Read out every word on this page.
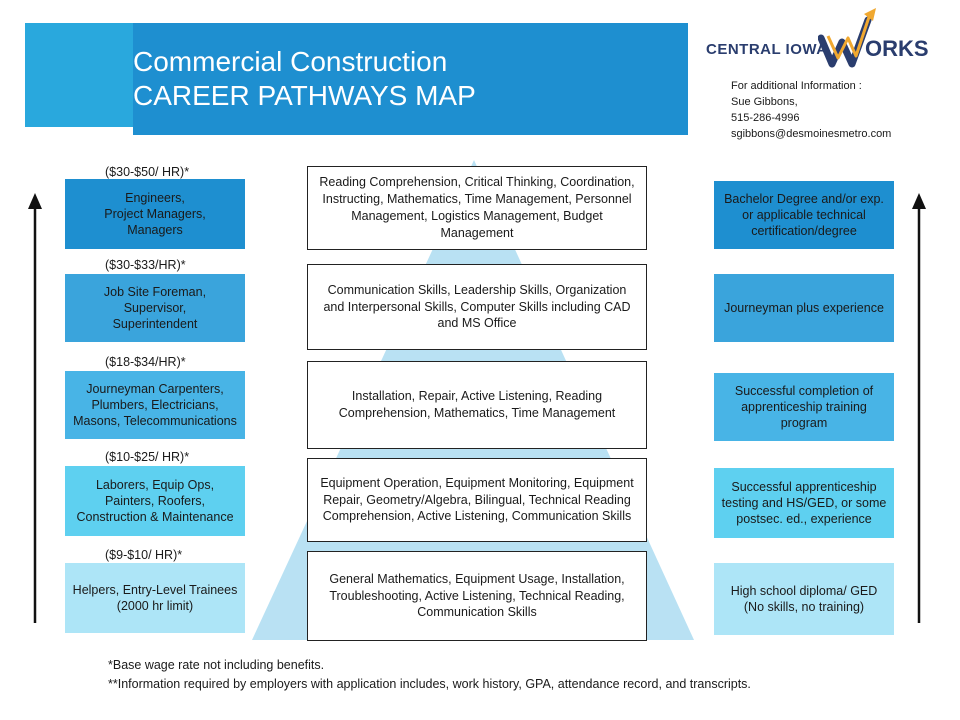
Commercial Construction
CAREER PATHWAYS MAP
CENTRAL IOWA ORKS
For additional Information :
Sue Gibbons,
515-286-4996
sgibbons@desmoinesmetro.com
($30-$50/ HR)*
Engineers,
Project Managers,
Managers
Reading Comprehension, Critical Thinking, Coordination, Instructing, Mathematics, Time Management, Personnel Management, Logistics Management, Budget Management
Bachelor Degree and/or exp. or applicable technical certification/degree
($30-$33/HR)*
Job Site Foreman,
Supervisor,
Superintendent
Communication Skills, Leadership Skills, Organization and Interpersonal Skills, Computer Skills including CAD and MS Office
Journeyman plus experience
($18-$34/HR)*
Journeyman Carpenters, Plumbers, Electricians, Masons, Telecommunications
Installation, Repair, Active Listening, Reading Comprehension, Mathematics, Time Management
Successful completion of apprenticeship training program
($10-$25/ HR)*
Laborers, Equip Ops, Painters, Roofers, Construction & Maintenance
Equipment Operation, Equipment Monitoring, Equipment Repair, Geometry/Algebra, Bilingual, Technical Reading Comprehension, Active Listening, Communication Skills
Successful apprenticeship testing and HS/GED, or some postsec. ed., experience
($9-$10/ HR)*
Helpers, Entry-Level Trainees
(2000 hr limit)
General Mathematics, Equipment Usage, Installation, Troubleshooting, Active Listening, Technical Reading, Communication Skills
High school diploma/ GED
(No skills, no training)
*Base wage rate not including benefits.
**Information required by employers with application includes, work history, GPA, attendance record, and transcripts.
